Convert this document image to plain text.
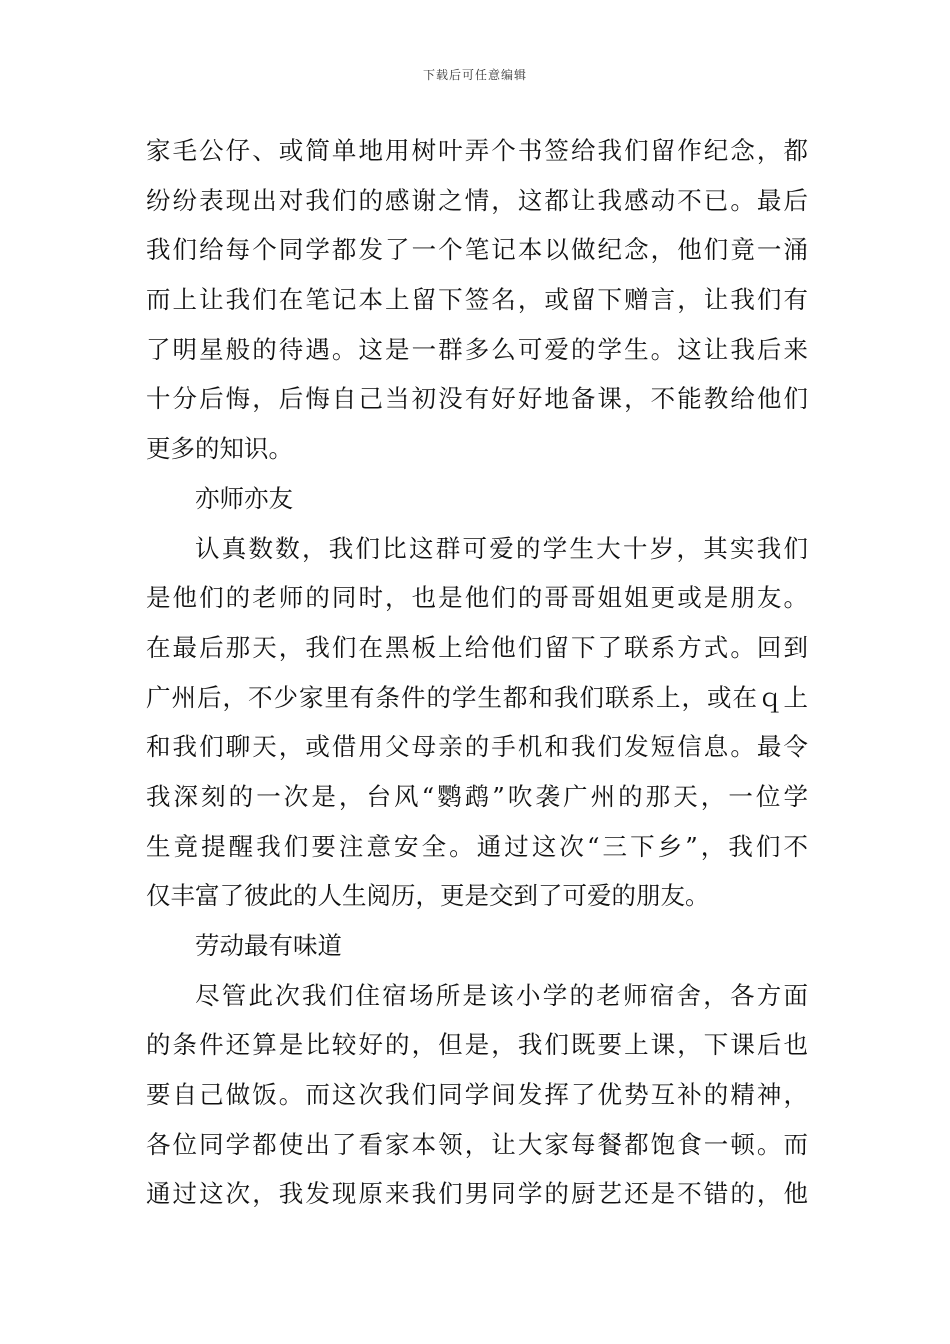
下载后可任意编辑
家毛公仔、或简单地用树叶弄个书签给我们留作纪念，都
纷纷表现出对我们的感谢之情，这都让我感动不已。最后
我们给每个同学都发了一个笔记本以做纪念，他们竟一涌
而上让我们在笔记本上留下签名，或留下赠言，让我们有
了明星般的待遇。这是一群多么可爱的学生。这让我后来
十分后悔，后悔自己当初没有好好地备课，不能教给他们
更多的知识。
亦师亦友
认真数数，我们比这群可爱的学生大十岁，其实我们
是他们的老师的同时，也是他们的哥哥姐姐更或是朋友。
在最后那天，我们在黑板上给他们留下了联系方式。回到
广州后，不少家里有条件的学生都和我们联系上，或在ｑ上
和我们聊天，或借用父母亲的手机和我们发短信息。最令
我深刻的一次是，台风“鹦鹉”吹袭广州的那天，一位学
生竟提醒我们要注意安全。通过这次“三下乡”，我们不
仅丰富了彼此的人生阅历，更是交到了可爱的朋友。
劳动最有味道
尽管此次我们住宿场所是该小学的老师宿舍，各方面
的条件还算是比较好的，但是，我们既要上课，下课后也
要自己做饭。而这次我们同学间发挥了优势互补的精神，
各位同学都使出了看家本领，让大家每餐都饱食一顿。而
通过这次，我发现原来我们男同学的厨艺还是不错的，他
